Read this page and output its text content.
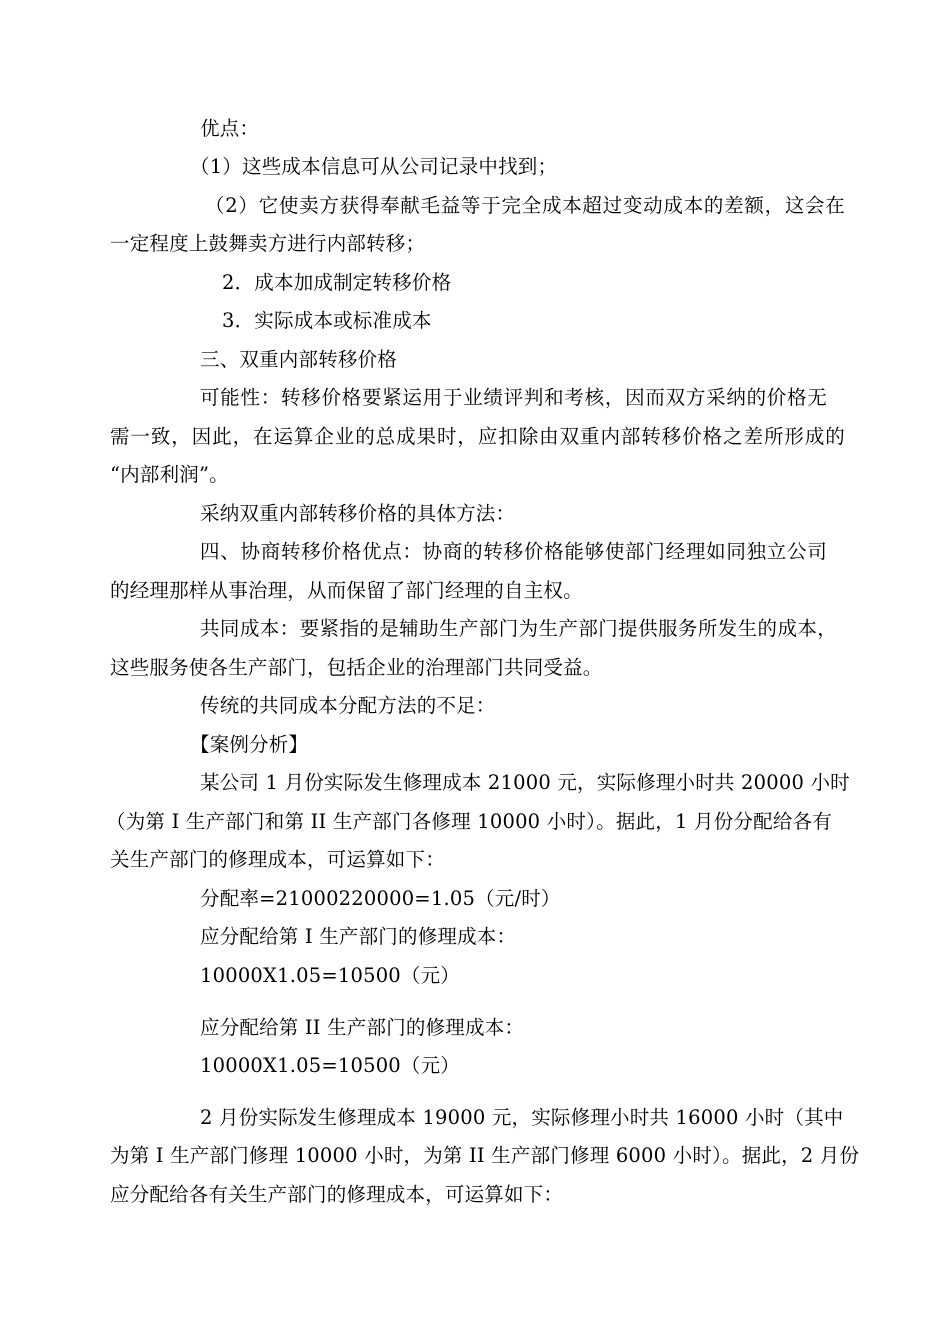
优点：
（1）这些成本信息可从公司记录中找到；
（2）它使卖方获得奉献毛益等于完全成本超过变动成本的差额，这会在
一定程度上鼓舞卖方进行内部转移；
2．成本加成制定转移价格
3．实际成本或标准成本
三、双重内部转移价格
可能性：转移价格要紧运用于业绩评判和考核，因而双方采纳的价格无
需一致，因此，在运算企业的总成果时，应扣除由双重内部转移价格之差所形成的
“内部利润”。
采纳双重内部转移价格的具体方法：
四、协商转移价格优点：协商的转移价格能够使部门经理如同独立公司
的经理那样从事治理，从而保留了部门经理的自主权。
共同成本：要紧指的是辅助生产部门为生产部门提供服务所发生的成本，
这些服务使各生产部门，包括企业的治理部门共同受益。
传统的共同成本分配方法的不足：
【案例分析】
某公司 1 月份实际发生修理成本 21000 元，实际修理小时共 20000 小时
（为第 I 生产部门和第 II 生产部门各修理 10000 小时）。据此，1 月份分配给各有
关生产部门的修理成本，可运算如下：
分配率=21000220000=1.05（元/时）
应分配给第 I 生产部门的修理成本：
10000X1.05=10500（元）
应分配给第 II 生产部门的修理成本：
10000X1.05=10500（元）
2 月份实际发生修理成本 19000 元，实际修理小时共 16000 小时（其中
为第 I 生产部门修理 10000 小时，为第 II 生产部门修理 6000 小时）。据此，2 月份
应分配给各有关生产部门的修理成本，可运算如下：
